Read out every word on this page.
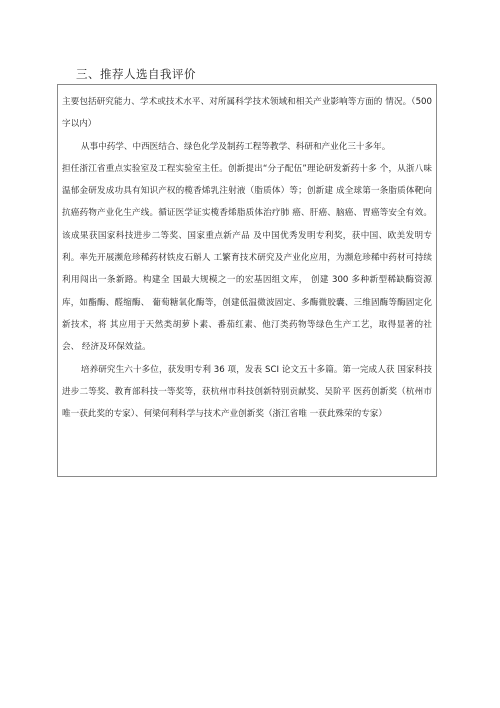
三、推荐人选自我评价

主要包括研究能力、学术或技术水平、对所属科学技术领域和相关产业影响等方面的 情况。（500 字以内）

从事中药学、中西医结合、绿色化学及制药工程等教学、科研和产业化三十多年。

担任浙江省重点实验室及工程实验室主任。创新提出“分子配伍”理论研发新药十多 个，从浙八味温郁金研发成功具有知识产权的榄香烯乳注射液（脂质体）等；创新建 成全球第一条脂质体靶向抗癌药物产业化生产线。循证医学证实榄香烯脂质体治疗肺 癌、肝癌、脑癌、胃癌等安全有效。该成果获国家科技进步二等奖、国家重点新产品 及中国优秀发明专利奖，获中国、欧美发明专利。率先开展濒危珍稀药材铁皮石斛人 工繁育技术研究及产业化应用，为濒危珍稀中药材可持续利用闯出一条新路。构建全 国最大规模之一的宏基因组文库， 创建 300 多种新型稀缺酶资源库，如酯酶、醛缩酶、 葡萄糖氧化酶等，创建低温微波固定、多酶微胶囊、三维固酶等酶固定化新技术，将 其应用于天然类胡萝卜素、番茄红素、他汀类药物等绿色生产工艺，取得显著的社会、 经济及环保效益。

培养研究生六十多位，获发明专利 36 项，发表 SCI 论文五十多篇。第一完成人获 国家科技进步二等奖、教育部科技一等奖等，获杭州市科技创新特别贡献奖、吴阶平 医药创新奖（杭州市唯一获此奖的专家）、何梁何利科学与技术产业创新奖（浙江省唯 一获此殊荣的专家）
